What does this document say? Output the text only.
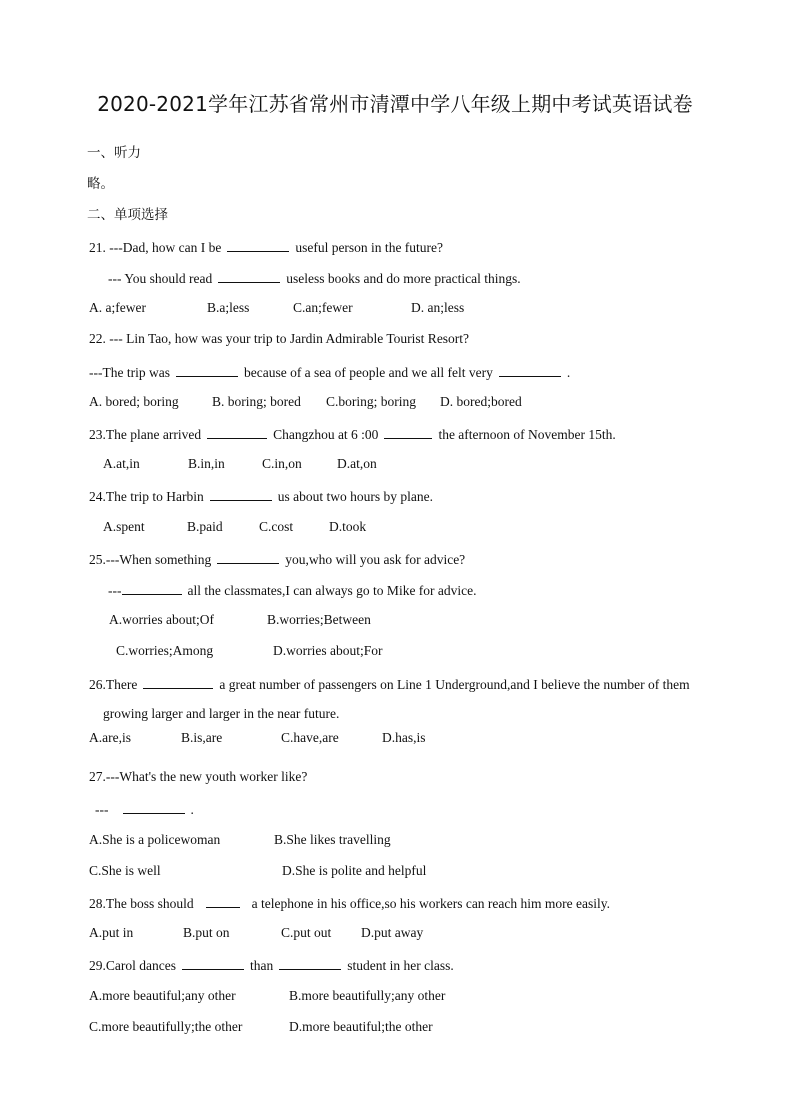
2020-2021学年江苏省常州市清潭中学八年级上期中考试英语试卷
一、听力
略。
二、单项选择
21. ---Dad, how can I be	useful person in the future?
--- You should read	useless books and do more practical things.
A. a;fewer	B.a;less	C.an;fewer	D. an;less
22. --- Lin Tao, how was your trip to Jardin Admirable Tourist Resort?
---The trip was	because of a sea of people and we all felt very	.
A. bored; boring B. boring; bored C.boring; boring D. bored;bored
23.The plane arrived	Changzhou at 6 :00	the afternoon of November 15th.
A.at,in	B.in,in	C.in,on	D.at,on
24.The trip to Harbin	us about two hours by plane.
A.spent	B.paid	C.cost	D.took
25.---When something	you,who will you ask for advice?
---	all the classmates,I can always go to Mike for advice.
A.worries about;Of	B.worries;Between
C.worries;Among	D.worries about;For
26.There	a great number of passengers on Line 1 Underground,and I believe the number of them
growing larger and larger in the near future.
A.are,is	B.is,are	C.have,are	D.has,is
27.---What's the new youth worker like?
---	.
A.She is a policewoman	B.She likes travelling
C.She is well	D.She is polite and helpful
28.The boss should	a telephone in his office,so his workers can reach him more easily.
A.put in	B.put on	C.put out D.put away
29.Carol dances	than	student in her class.
A.more beautiful;any other	B.more beautifully;any other
C.more beautifully;the other	D.more beautiful;the other
